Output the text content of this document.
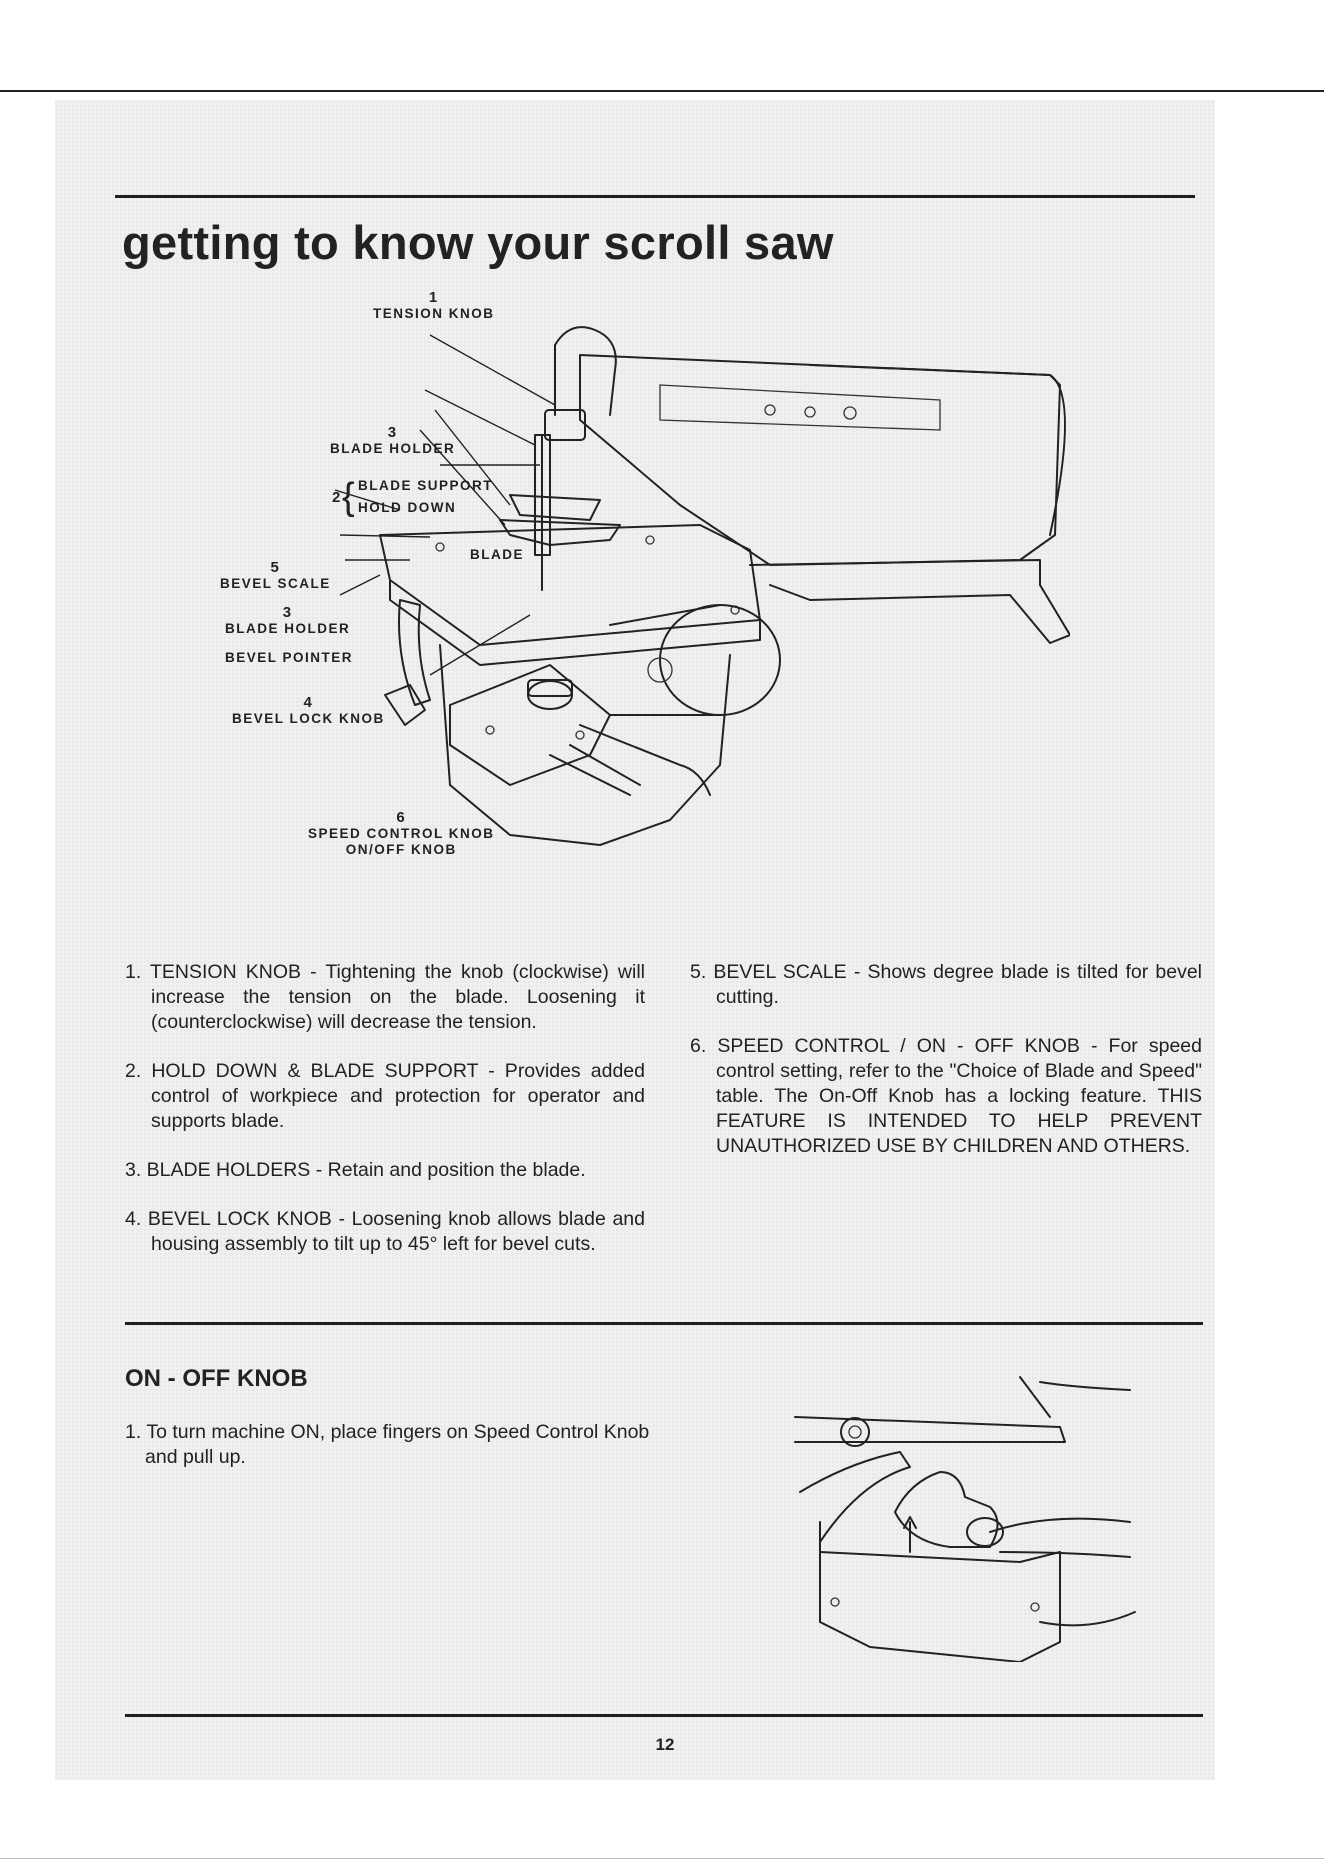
getting to know your scroll saw
1
TENSION KNOB
3
BLADE HOLDER
{
2
BLADE SUPPORT
HOLD DOWN
BLADE
5
BEVEL SCALE
3
BLADE HOLDER
BEVEL POINTER
4
BEVEL LOCK KNOB
6
SPEED CONTROL KNOB
ON/OFF KNOB

1. TENSION KNOB - Tightening the knob (clockwise) will increase the tension on the blade. Loosening it (counterclockwise) will decrease the tension.

2. HOLD DOWN & BLADE SUPPORT - Provides added control of workpiece and protection for operator and supports blade.

3. BLADE HOLDERS - Retain and position the blade.

4. BEVEL LOCK KNOB - Loosening knob allows blade and housing assembly to tilt up to 45° left for bevel cuts.

5. BEVEL SCALE - Shows degree blade is tilted for bevel cutting.

6. SPEED CONTROL / ON - OFF KNOB - For speed control setting, refer to the "Choice of Blade and Speed" table. The On-Off Knob has a locking feature. THIS FEATURE IS INTENDED TO HELP PREVENT UNAUTHORIZED USE BY CHILDREN AND OTHERS.

ON - OFF KNOB

1. To turn machine ON, place fingers on Speed Control Knob and pull up.

12
